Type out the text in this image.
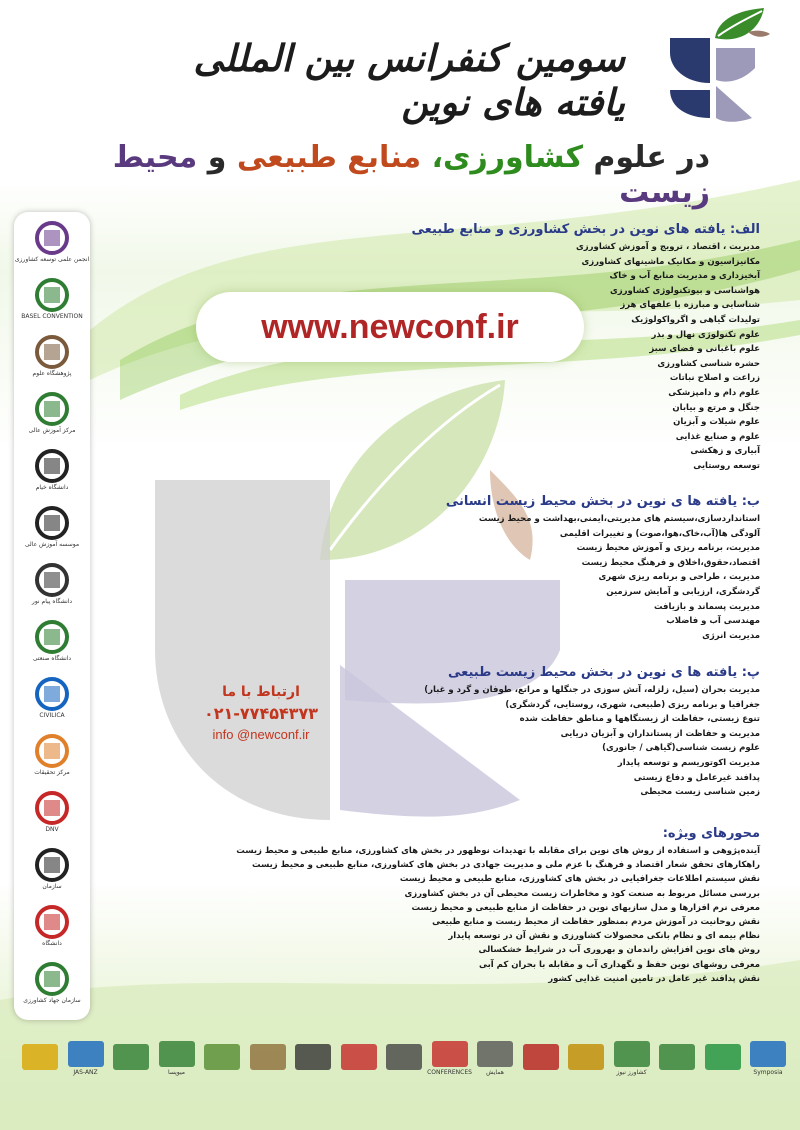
سومین کنفرانس بین المللی یافته های نوین
در علوم کشاورزی، منابع طبیعی و محیط زیست
www.newconf.ir
الف: یافته های نوین در بخش کشاورزی و منابع طبیعی
مدیریت ، اقتصاد ، ترویج و آموزش کشاورزی
مکانیزاسیون و مکانیک ماشینهای کشاورزی
آبخیزداری و مدیریت منابع آب و خاک
هواشناسی و بیوتکنولوژی کشاورزی
شناسایی و مبارزه با علفهای هرز
تولیدات گیاهی و اگرواکولوژیک
علوم تکنولوژی نهال و بذر
علوم باغبانی و فضای سبز
حشره شناسی کشاورزی
زراعت و اصلاح نباتات
علوم دام و دامپزشکی
جنگل و مرتع و بیابان
علوم شیلات و آبزیان
علوم و صنایع غذایی
آبیاری و زهکشی
توسعه روستایی
ب: یافته ها ی نوین در بخش محیط زیست انسانی
استانداردسازی،سیستم های مدیریتی،ایمنی،بهداشت و محیط زیست
آلودگی ها(آب،خاک،هوا،صوت) و تغییرات اقلیمی
مدیریت، برنامه ریزی و آموزش محیط زیست
اقتصاد،حقوق،اخلاق و فرهنگ محیط زیست
مدیریت ، طراحی و برنامه ریزی شهری
گردشگری، ارزیابی و آمایش سرزمین
مدیریت پسماند و بازیافت
مهندسی آب و فاضلاب
مدیریت انرژی
پ: یافته ها ی نوین در بخش محیط زیست طبیعی
مدیریت بحران (سیل، زلزله، آتش سوزی در جنگلها و مراتع، طوفان و گرد و غبار)
جغرافیا و برنامه ریزی (طبیعی، شهری، روستایی، گردشگری)
تنوع زیستی، حفاظت از زیستگاهها و مناطق حفاظت شده
مدیریت و حفاظت از پستانداران و آبزیان دریایی
علوم زیست شناسی(گیاهی / جانوری)
مدیریت اکوتوریسم و توسعه پایدار
پدافند غیرعامل و دفاع زیستی
زمین شناسی زیست محیطی
محورهای ویژه:
آینده‌پژوهی و استفاده از روش های نوین برای مقابله با تهدیدات نوظهور در بخش های کشاورزی، منابع طبیعی و محیط زیست
راهکارهای تحقق شعار اقتصاد و فرهنگ با عزم ملی و مدیریت جهادی در بخش های کشاورزی، منابع طبیعی و محیط زیست
نقش سیستم اطلاعات جغرافیایی در بخش های کشاورزی، منابع طبیعی و محیط زیست
بررسی مسائل مربوط به صنعت کود و مخاطرات زیست محیطی آن در بخش کشاورزی
معرفی نرم افزارها و مدل سازیهای نوین در حفاظت از منابع طبیعی و محیط زیست
نقش روحانیت در آموزش مردم بمنظور حفاظت از محیط زیست و منابع طبیعی
نظام بیمه ای و نظام بانکی محصولات کشاورزی و نقش آن در توسعه پایدار
روش های نوین افزایش راندمان و بهروری آب در شرایط خشکسالی
معرفی روشهای نوین حفظ و نگهداری آب و مقابله با بحران کم آبی
نقش پدافند غیر عامل در تامین امنیت غذایی کشور
ارتباط با ما
۰۲۱-۷۷۴۵۴۳۷۳
info @newconf.ir
انجمن علمی توسعه کشاورزی
BASEL CONVENTION
پژوهشگاه علوم
مرکز آموزش عالی
دانشگاه خیام
موسسه آموزش عالی
دانشگاه پیام نور
دانشگاه صنعتی
CIVILICA
مرکز تحقیقات
DNV
سازمان
دانشگاه
سازمان جهاد کشاورزی
JAS-ANZ	میوپسا	CONFERENCES همایش	کشاورز نیوز	Symposia
